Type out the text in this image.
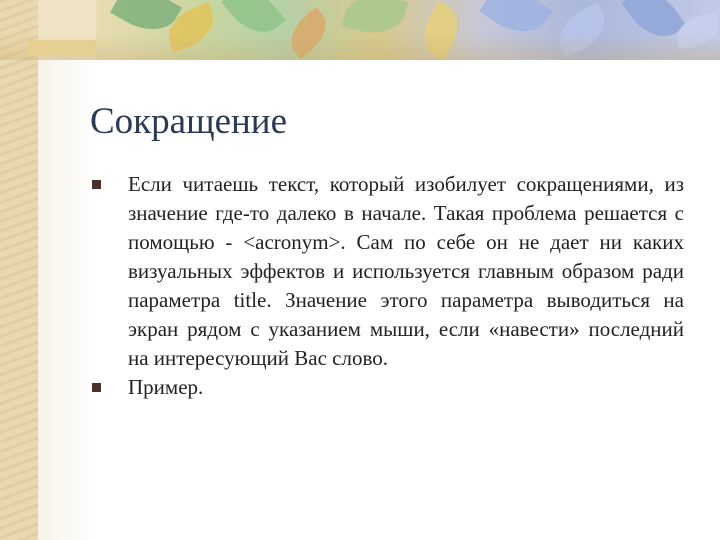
Сокращение

Если читаешь текст, который изобилует сокращениями, из значение где-то далеко в начале. Такая проблема решается с помощью - <acronym>. Сам по себе он не дает ни каких визуальных эффектов и используется главным образом ради параметра title. Значение этого параметра выводиться на экран рядом с указанием мыши, если «навести» последний на интересующий Вас слово.

Пример.
